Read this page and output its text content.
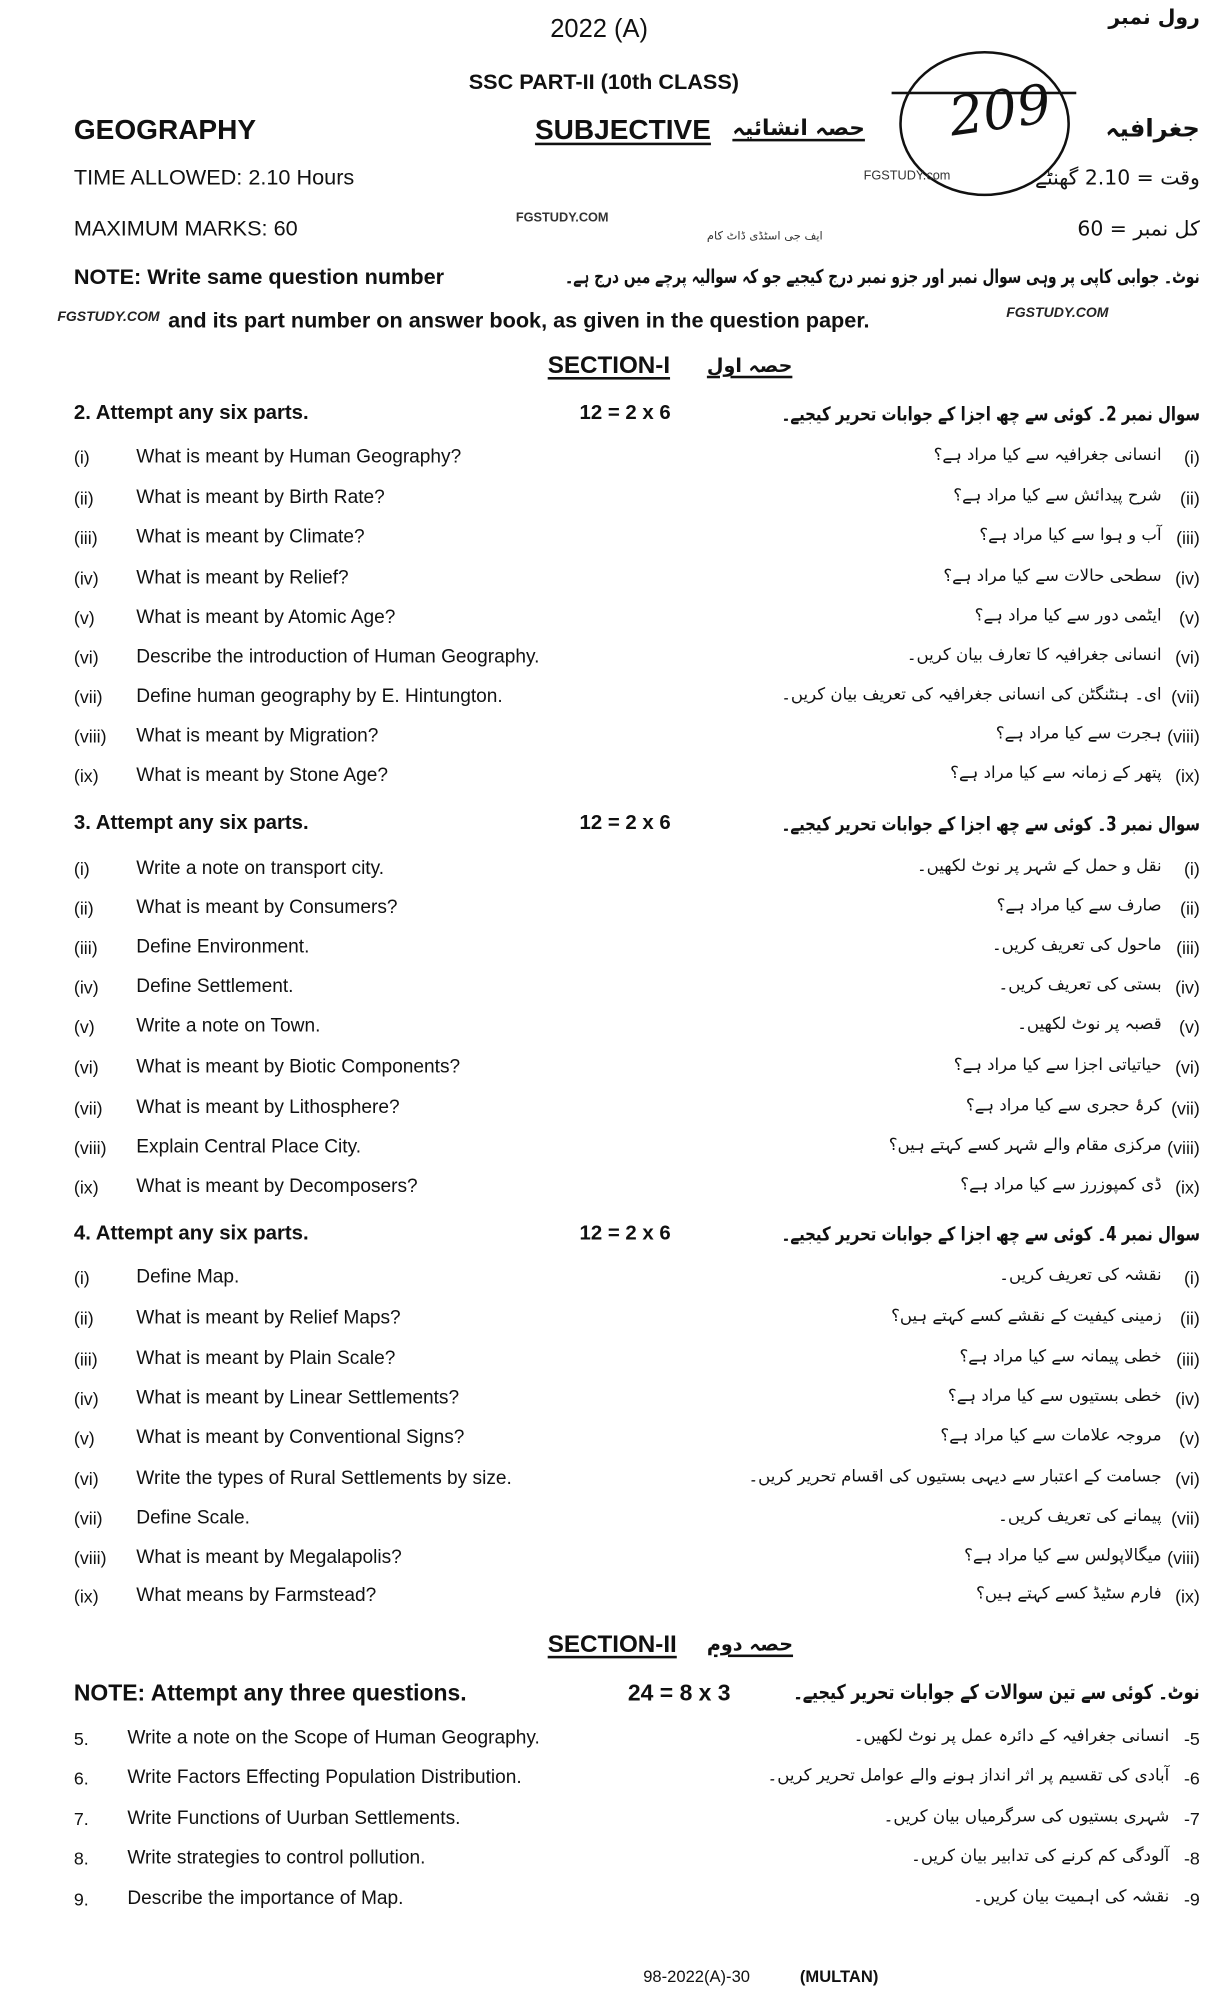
2022 (A)
SSC PART-II (10th CLASS)
رول نمبر
209
GEOGRAPHY	SUBJECTIVE حصہ انشائیہ	جغرافیہ
TIME ALLOWED: 2.10 Hours	FGSTUDY.com	وقت = 2.10 گھنٹے
MAXIMUM MARKS: 60	FGSTUDY.COM
ایف جی اسٹڈی ڈاٹ کام	کل نمبر = 60
NOTE: Write same question number	نوٹ۔ جوابی کاپی پر وہی سوال نمبر اور جزو نمبر درج کیجیے جو کہ سوالیہ پرچے میں درج ہے۔
FGSTUDY.COM and its part number on answer book, as given in the question paper.	FGSTUDY.COM
SECTION-I حصہ اول
2. Attempt any six parts.	12 = 2 x 6	سوال نمبر 2۔ کوئی سے چھ اجزا کے جوابات تحریر کیجیے۔
(i)	What is meant by Human Geography?	انسانی جغرافیہ سے کیا مراد ہے؟ (i)
(ii)	What is meant by Birth Rate?	شرح پیدائش سے کیا مراد ہے؟ (ii)
(iii)	What is meant by Climate?	آب و ہوا سے کیا مراد ہے؟ (iii)
(iv)	What is meant by Relief?	سطحی حالات سے کیا مراد ہے؟ (iv)
(v)	What is meant by Atomic Age?	ایٹمی دور سے کیا مراد ہے؟ (v)
(vi)	Describe the introduction of Human Geography.	انسانی جغرافیہ کا تعارف بیان کریں۔ (vi)
(vii) Define human geography by E. Hintungton.	ای۔ ہنٹنگٹن کی انسانی جغرافیہ کی تعریف بیان کریں۔ (vii)
(viii) What is meant by Migration?	ہجرت سے کیا مراد ہے؟ (viii)
(ix)	What is meant by Stone Age?	پتھر کے زمانہ سے کیا مراد ہے؟ (ix)
3. Attempt any six parts.	12 = 2 x 6	سوال نمبر 3۔ کوئی سے چھ اجزا کے جوابات تحریر کیجیے۔
(i)	Write a note on transport city.	نقل و حمل کے شہر پر نوٹ لکھیں۔ (i)
(ii)	What is meant by Consumers?	صارف سے کیا مراد ہے؟ (ii)
(iii)	Define Environment.	ماحول کی تعریف کریں۔ (iii)
(iv)	Define Settlement.	بستی کی تعریف کریں۔ (iv)
(v)	Write a note on Town.	قصبہ پر نوٹ لکھیں۔ (v)
(vi)	What is meant by Biotic Components?	حیاتیاتی اجزا سے کیا مراد ہے؟ (vi)
(vii) What is meant by Lithosphere?	کرۂ حجری سے کیا مراد ہے؟ (vii)
(viii) Explain Central Place City.	مرکزی مقام والے شہر کسے کہتے ہیں؟ (viii)
(ix)	What is meant by Decomposers?	ڈی کمپوزرز سے کیا مراد ہے؟ (ix)
4. Attempt any six parts.	12 = 2 x 6	سوال نمبر 4۔ کوئی سے چھ اجزا کے جوابات تحریر کیجیے۔
(i)	Define Map.	نقشہ کی تعریف کریں۔ (i)
(ii)	What is meant by Relief Maps?	زمینی کیفیت کے نقشے کسے کہتے ہیں؟ (ii)
(iii)	What is meant by Plain Scale?	خطی پیمانہ سے کیا مراد ہے؟ (iii)
(iv)	What is meant by Linear Settlements?	خطی بستیوں سے کیا مراد ہے؟ (iv)
(v)	What is meant by Conventional Signs?	مروجہ علامات سے کیا مراد ہے؟ (v)
(vi)	Write the types of Rural Settlements by size.	جسامت کے اعتبار سے دیہی بستیوں کی اقسام تحریر کریں۔ (vi)
(vii) Define Scale.	پیمانے کی تعریف کریں۔ (vii)
(viii) What is meant by Megalapolis?	میگالاپولس سے کیا مراد ہے؟ (viii)
(ix)	What means by Farmstead?	فارم سٹیڈ کسے کہتے ہیں؟ (ix)
SECTION-II حصہ دوم
NOTE: Attempt any three questions.	24 = 8 x 3	نوٹ۔ کوئی سے تین سوالات کے جوابات تحریر کیجیے۔
5.	Write a note on the Scope of Human Geography.	انسانی جغرافیہ کے دائرہ عمل پر نوٹ لکھیں۔ -5
6.	Write Factors Effecting Population Distribution.	آبادی کی تقسیم پر اثر انداز ہونے والے عوامل تحریر کریں۔ -6
7.	Write Functions of Uurban Settlements.	شہری بستیوں کی سرگرمیاں بیان کریں۔ -7
8.	Write strategies to control pollution.	آلودگی کم کرنے کی تدابیر بیان کریں۔ -8
9.	Describe the importance of Map.	نقشہ کی اہمیت بیان کریں۔ -9
98-2022(A)-30	(MULTAN)
